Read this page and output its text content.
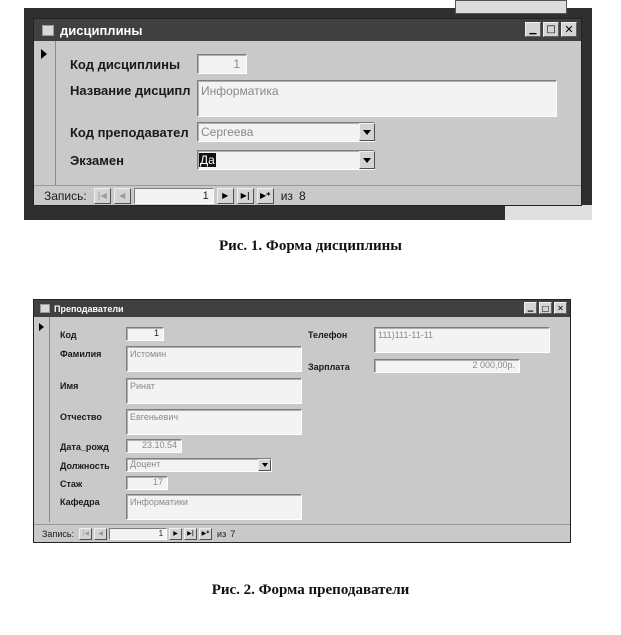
дисциплины	▁ □ ✕
Код дисциплины	1
Название дисципл Информатика
Код преподавател	Сергеева
Экзамен	Да
Запись: |◀ ◀	1	▶ ▶| ▶* из 8
Рис. 1. Форма дисциплины
Преподаватели	▁ □ ✕
Код	1
Фамилия	Истомин
Имя	Ринат
Отчество	Евгеньевич
Дата_рожд	23.10.54
Должность	Доцент
Стаж	17
Кафедра	Информатики
Телефон	111)111-11-11
Зарплата	2 000,00р.
Запись: |◀ ◀	1	▶ ▶| ▶* из 7
Рис. 2. Форма преподаватели
